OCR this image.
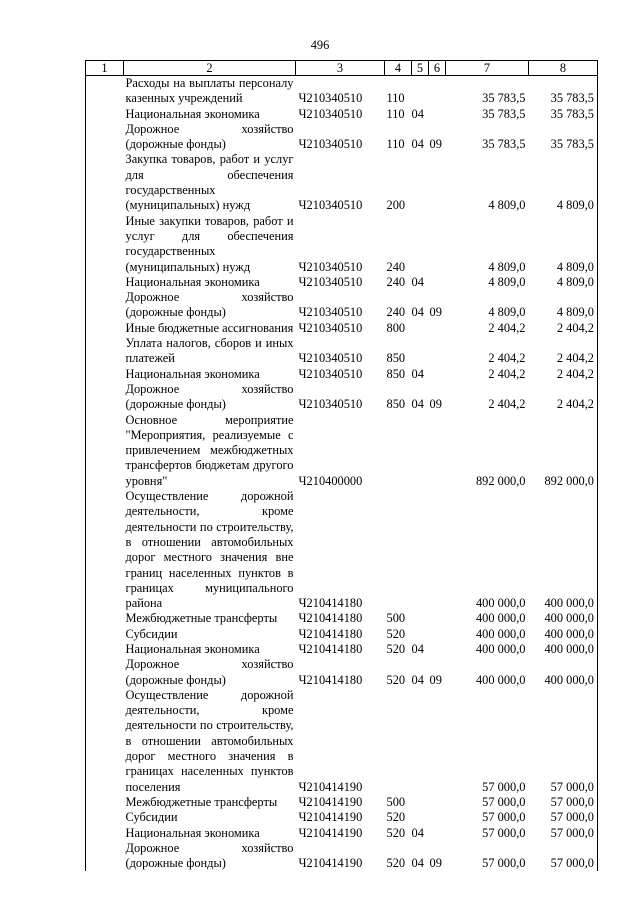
496
1	2	3	4	5	6	7	8
	Расходы на выплаты персоналу казенных учреждений	Ч210340510	110			35 783,5	35 783,5
	Национальная экономика	Ч210340510	110	04		35 783,5	35 783,5
	Дорожное хозяйство (дорожные фонды)	Ч210340510	110	04	09	35 783,5	35 783,5
	Закупка товаров, работ и услуг для обеспечения государственных (муниципальных) нужд	Ч210340510	200			4 809,0	4 809,0
	Иные закупки товаров, работ и услуг для обеспечения государственных (муниципальных) нужд	Ч210340510	240			4 809,0	4 809,0
	Национальная экономика	Ч210340510	240	04		4 809,0	4 809,0
	Дорожное хозяйство (дорожные фонды)	Ч210340510	240	04	09	4 809,0	4 809,0
	Иные бюджетные ассигнования	Ч210340510	800			2 404,2	2 404,2
	Уплата налогов, сборов и иных платежей	Ч210340510	850			2 404,2	2 404,2
	Национальная экономика	Ч210340510	850	04		2 404,2	2 404,2
	Дорожное хозяйство (дорожные фонды)	Ч210340510	850	04	09	2 404,2	2 404,2
	Основное мероприятие "Мероприятия, реализуемые с привлечением межбюджетных трансфертов бюджетам другого уровня"	Ч210400000				892 000,0	892 000,0
	Осуществление дорожной деятельности, кроме деятельности по строительству, в отношении автомобильных дорог местного значения вне границ населенных пунктов в границах муниципального района	Ч210414180				400 000,0	400 000,0
	Межбюджетные трансферты	Ч210414180	500			400 000,0	400 000,0
	Субсидии	Ч210414180	520			400 000,0	400 000,0
	Национальная экономика	Ч210414180	520	04		400 000,0	400 000,0
	Дорожное хозяйство (дорожные фонды)	Ч210414180	520	04	09	400 000,0	400 000,0
	Осуществление дорожной деятельности, кроме деятельности по строительству, в отношении автомобильных дорог местного значения в границах населенных пунктов поселения	Ч210414190				57 000,0	57 000,0
	Межбюджетные трансферты	Ч210414190	500			57 000,0	57 000,0
	Субсидии	Ч210414190	520			57 000,0	57 000,0
	Национальная экономика	Ч210414190	520	04		57 000,0	57 000,0
	Дорожное хозяйство (дорожные фонды)	Ч210414190	520	04	09	57 000,0	57 000,0
